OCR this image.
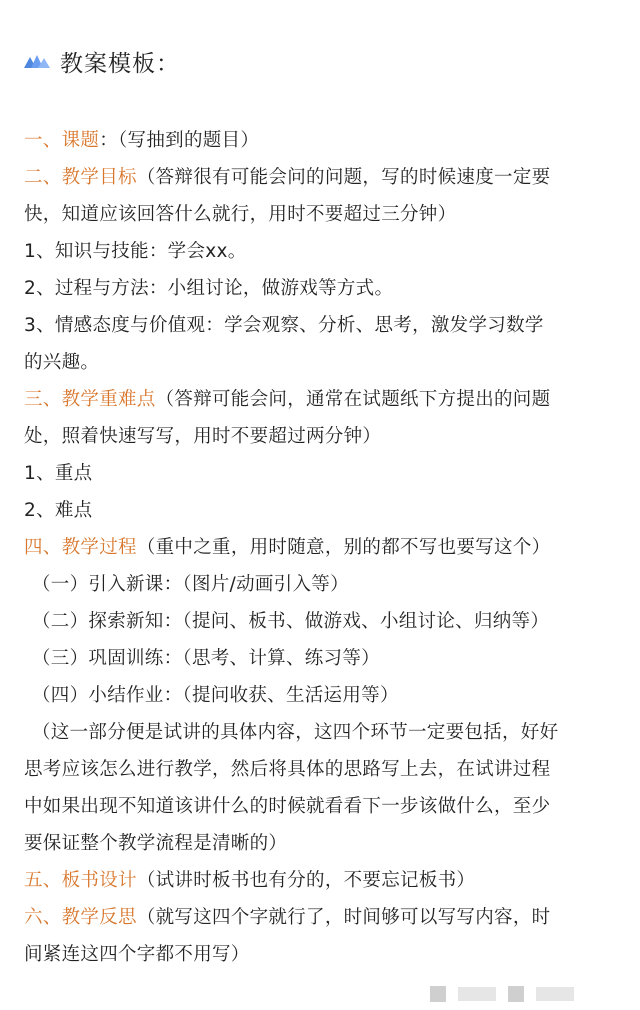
教案模板：
一、课题：（写抽到的题目）
二、教学目标（答辩很有可能会问的问题，写的时候速度一定要
快，知道应该回答什么就行，用时不要超过三分钟）
1、知识与技能：学会xx。
2、过程与方法：小组讨论，做游戏等方式。
3、情感态度与价值观：学会观察、分析、思考，激发学习数学
的兴趣。
三、教学重难点（答辩可能会问，通常在试题纸下方提出的问题
处，照着快速写写，用时不要超过两分钟）
1、重点
2、难点
四、教学过程（重中之重，用时随意，别的都不写也要写这个）
（一）引入新课：（图片/动画引入等）
（二）探索新知：（提问、板书、做游戏、小组讨论、归纳等）
（三）巩固训练：（思考、计算、练习等）
（四）小结作业：（提问收获、生活运用等）
（这一部分便是试讲的具体内容，这四个环节一定要包括，好好
思考应该怎么进行教学，然后将具体的思路写上去，在试讲过程
中如果出现不知道该讲什么的时候就看看下一步该做什么，至少
要保证整个教学流程是清晰的）
五、板书设计（试讲时板书也有分的，不要忘记板书）
六、教学反思（就写这四个字就行了，时间够可以写写内容，时
间紧连这四个字都不用写）
